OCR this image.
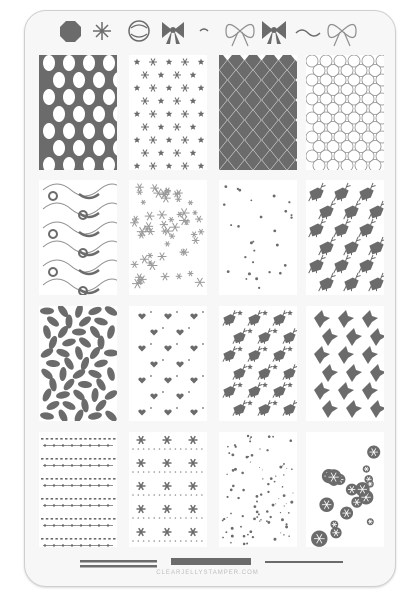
CLEARJELLYSTAMPER.COM
